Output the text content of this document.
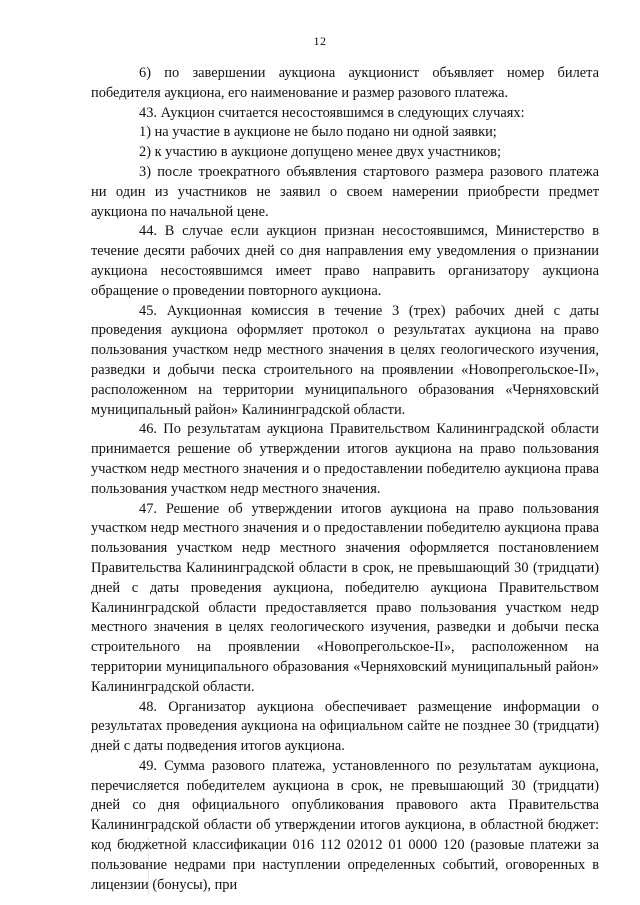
12

6) по завершении аукциона аукционист объявляет номер билета победителя аукциона, его наименование и размер разового платежа.

43. Аукцион считается несостоявшимся в следующих случаях:

1) на участие в аукционе не было подано ни одной заявки;

2) к участию в аукционе допущено менее двух участников;

3) после троекратного объявления стартового размера разового платежа ни один из участников не заявил о своем намерении приобрести предмет аукциона по начальной цене.

44. В случае если аукцион признан несостоявшимся, Министерство в течение десяти рабочих дней со дня направления ему уведомления о признании аукциона несостоявшимся имеет право направить организатору аукциона обращение о проведении повторного аукциона.

45. Аукционная комиссия в течение 3 (трех) рабочих дней с даты проведения аукциона оформляет протокол о результатах аукциона на право пользования участком недр местного значения в целях геологического изучения, разведки и добычи песка строительного на проявлении «Новопрегольское-II», расположенном на территории муниципального образования «Черняховский муниципальный район» Калининградской области.

46. По результатам аукциона Правительством Калининградской области принимается решение об утверждении итогов аукциона на право пользования участком недр местного значения и о предоставлении победителю аукциона права пользования участком недр местного значения.

47. Решение об утверждении итогов аукциона на право пользования участком недр местного значения и о предоставлении победителю аукциона права пользования участком недр местного значения оформляется постановлением Правительства Калининградской области в срок, не превышающий 30 (тридцати) дней с даты проведения аукциона, победителю аукциона Правительством Калининградской области предоставляется право пользования участком недр местного значения в целях геологического изучения, разведки и добычи песка строительного на проявлении «Новопрегольское-II», расположенном на территории муниципального образования «Черняховский муниципальный район» Калининградской области.

48. Организатор аукциона обеспечивает размещение информации о результатах проведения аукциона на официальном сайте не позднее 30 (тридцати) дней с даты подведения итогов аукциона.

49. Сумма разового платежа, установленного по результатам аукциона, перечисляется победителем аукциона в срок, не превышающий 30 (тридцати) дней со дня официального опубликования правового акта Правительства Калининградской области об утверждении итогов аукциона, в областной бюджет: код бюджетной классификации 016 112 02012 01 0000 120 (разовые платежи за пользование недрами при наступлении определенных событий, оговоренных в лицензии (бонусы), при
